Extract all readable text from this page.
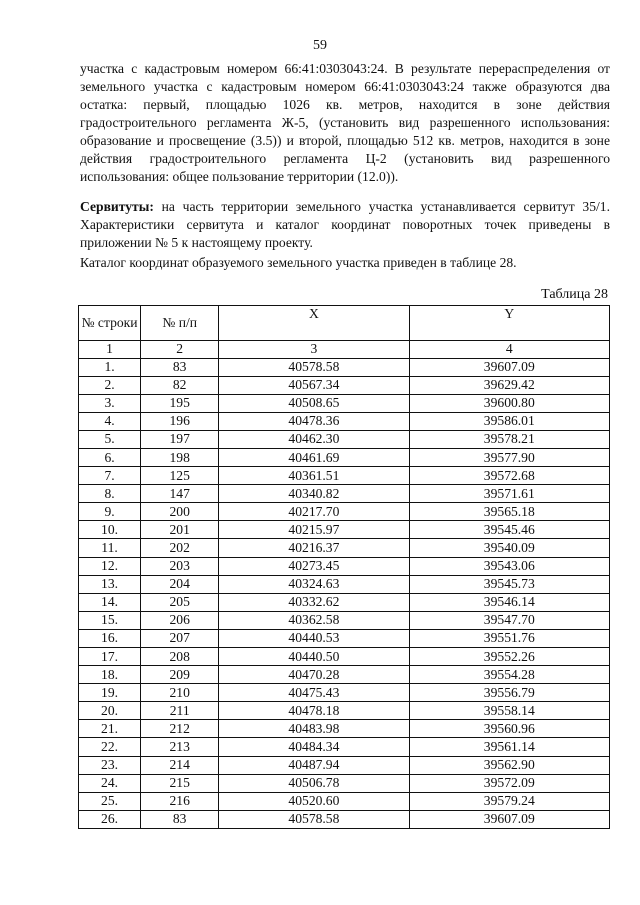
59

участка с кадастровым номером 66:41:0303043:24. В результате перераспределения от земельного участка с кадастровым номером 66:41:0303043:24 также образуются два остатка: первый, площадью 1026 кв. метров, находится в зоне действия градостроительного регламента Ж-5, (установить вид разрешенного использования: образование и просвещение (3.5)) и второй, площадью 512 кв. метров, находится в зоне действия градостроительного регламента Ц-2 (установить вид разрешенного использования: общее пользование территории (12.0)).

Сервитуты: на часть территории земельного участка устанавливается сервитут 35/1. Характеристики сервитута и каталог координат поворотных точек приведены в приложении № 5 к настоящему проекту.

Каталог координат образуемого земельного участка приведен в таблице 28.

Таблица 28
№ строки	№ п/п	X	Y
1	2	3	4
1.	83	40578.58	39607.09
2.	82	40567.34	39629.42
3.	195	40508.65	39600.80
4.	196	40478.36	39586.01
5.	197	40462.30	39578.21
6.	198	40461.69	39577.90
7.	125	40361.51	39572.68
8.	147	40340.82	39571.61
9.	200	40217.70	39565.18
10.	201	40215.97	39545.46
11.	202	40216.37	39540.09
12.	203	40273.45	39543.06
13.	204	40324.63	39545.73
14.	205	40332.62	39546.14
15.	206	40362.58	39547.70
16.	207	40440.53	39551.76
17.	208	40440.50	39552.26
18.	209	40470.28	39554.28
19.	210	40475.43	39556.79
20.	211	40478.18	39558.14
21.	212	40483.98	39560.96
22.	213	40484.34	39561.14
23.	214	40487.94	39562.90
24.	215	40506.78	39572.09
25.	216	40520.60	39579.24
26.	83	40578.58	39607.09
